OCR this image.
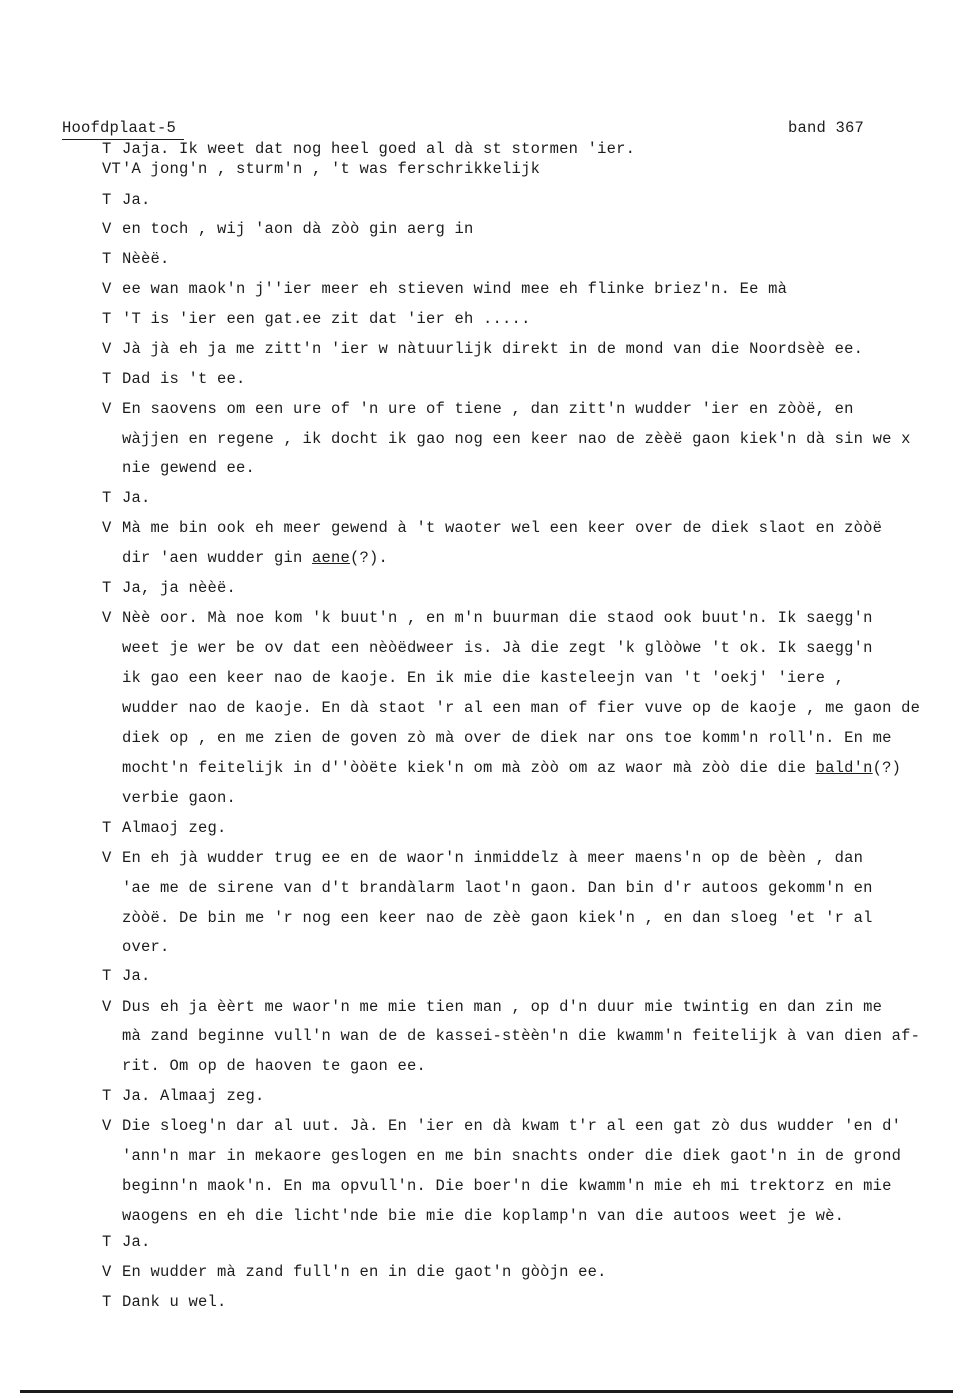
Hoofdplaat-5	band 367
T Jaja. Ik weet dat nog heel goed al dà st stormen 'ier.
VT 'A jong'n , sturm'n , 't was ferschrikkelijk
T Ja.
V en toch , wij 'aon dà zòò gin aerg in
T Nèèë.
V ee wan maok'n j''ier meer eh stieven wind mee eh flinke briez'n. Ee mà
T 'T is 'ier een gat.ee zit dat 'ier eh .....
V Jà jà eh ja me zitt'n 'ier w nàtuurlijk direkt in de mond van die Noordsèè ee.
T Dad is 't ee.
V En saovens om een ure of 'n ure of tiene , dan zitt'n wudder 'ier en zòòë, en
wàjjen en regene , ik docht ik gao nog een keer nao de zèèë gaon kiek'n dà sin we x
nie gewend ee.
T Ja.
V Mà me bin ook eh meer gewend à 't waoter wel een keer over de diek slaot en zòòë
dir 'aen wudder gin aene(?).
T Ja, ja nèèë.
V Nèè oor. Mà noe kom 'k buut'n , en m'n buurman die staod ook buut'n. Ik saegg'n
weet je wer be ov dat een nèòëdweer is. Jà die zegt 'k glòòwe 't ok. Ik saegg'n
ik gao een keer nao de kaoje. En ik mie die kasteleejn van 't 'oekj' 'iere ,
wudder nao de kaoje. En dà staot 'r al een man of fier vuve op de kaoje , me gaon de
diek op , en me zien de goven zò mà over de diek nar ons toe komm'n roll'n. En me
mocht'n feitelijk in d''òòëte kiek'n om mà zòò om az waor mà zòò die die bald'n(?)
verbie gaon.
T Almaoj zeg.
V En eh jà wudder trug ee en de waor'n inmiddelz à meer maens'n op de bèèn , dan
'ae me de sirene van d't brandàlarm laot'n gaon. Dan bin d'r autoos gekomm'n en
zòòë. De bin me 'r nog een keer nao de zèè gaon kiek'n , en dan sloeg 'et 'r al
over.
T Ja.
V Dus eh ja èèrt me waor'n me mie tien man , op d'n duur mie twintig en dan zin me
mà zand beginne vull'n wan de de kassei-stèèn'n die kwamm'n feitelijk à van dien af-
rit. Om op de haoven te gaon ee.
T Ja. Almaaj zeg.
V Die sloeg'n dar al uut. Jà. En 'ier en dà kwam t'r al een gat zò dus wudder 'en d'
'ann'n mar in mekaore geslogen en me bin snachts onder die diek gaot'n in de grond
beginn'n maok'n. En ma opvull'n. Die boer'n die kwamm'n mie eh mi trektorz en mie
waogens en eh die licht'nde bie mie die koplamp'n van die autoos weet je wè.
T Ja.
V En wudder mà zand full'n en in die gaot'n gòòjn ee.
T Dank u wel.
